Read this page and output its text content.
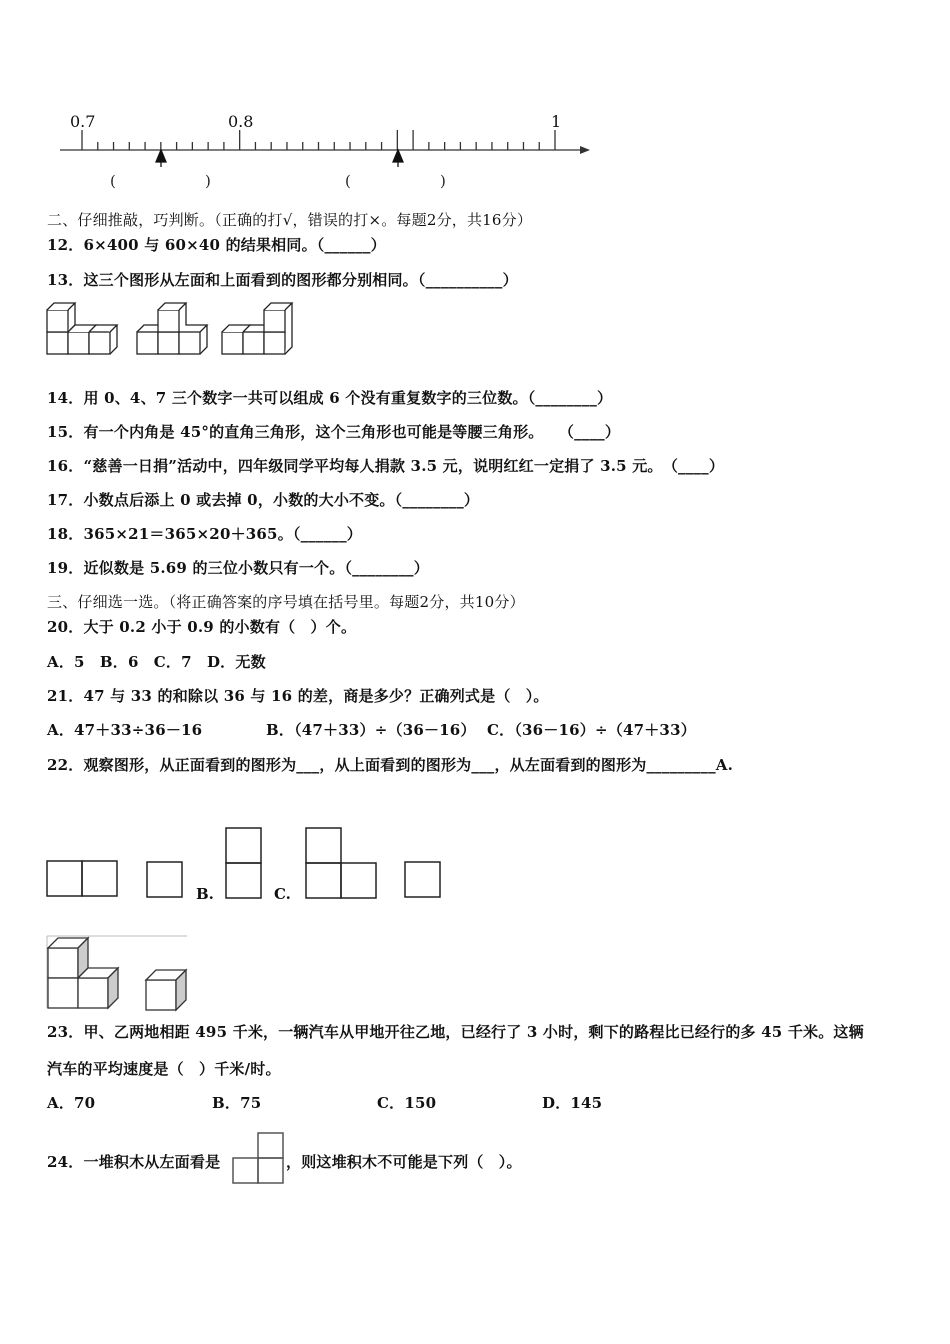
0.7	0.8	1
(	)	(	)
二、仔细推敲，巧判断。（正确的打√，错误的打×。每题2分，共16分）
12．6×400 与 60×40 的结果相同。（______）
13．这三个图形从左面和上面看到的图形都分别相同。（__________）
14．用 0、4、7 三个数字一共可以组成 6 个没有重复数字的三位数。（________）
15．有一个内角是 45°的直角三角形，这个三角形也可能是等腰三角形。　　（____）
16．“慈善一日捐”活动中，四年级同学平均每人捐款 3.5 元，说明红红一定捐了 3.5 元。　（____）
17．小数点后添上 0 或去掉 0，小数的大小不变。（________）
18．365×21＝365×20＋365。（______）
19．近似数是 5.69 的三位小数只有一个。（________）
三、仔细选一选。（将正确答案的序号填在括号里。每题2分，共10分）
20．大于 0.2 小于 0.9 的小数有（　）个。
A．5　B．6　C．7　D．无数
21．47 与 33 的和除以 36 与 16 的差，商是多少？正确列式是（　）。
A．47＋33÷36－16	B．（47＋33）÷（36－16） C．（36－16）÷（47＋33）
22．观察图形，从正面看到的图形为___，从上面看到的图形为___，从左面看到的图形为_________A.
B.	C.
23．甲、乙两地相距 495 千米，一辆汽车从甲地开往乙地，已经行了 3 小时，剩下的路程比已经行的多 45 千米。这辆
汽车的平均速度是（　）千米/时。
A．70	B．75	C．150	D．145
24．一堆积木从左面看是	，则这堆积木不可能是下列（　）。
